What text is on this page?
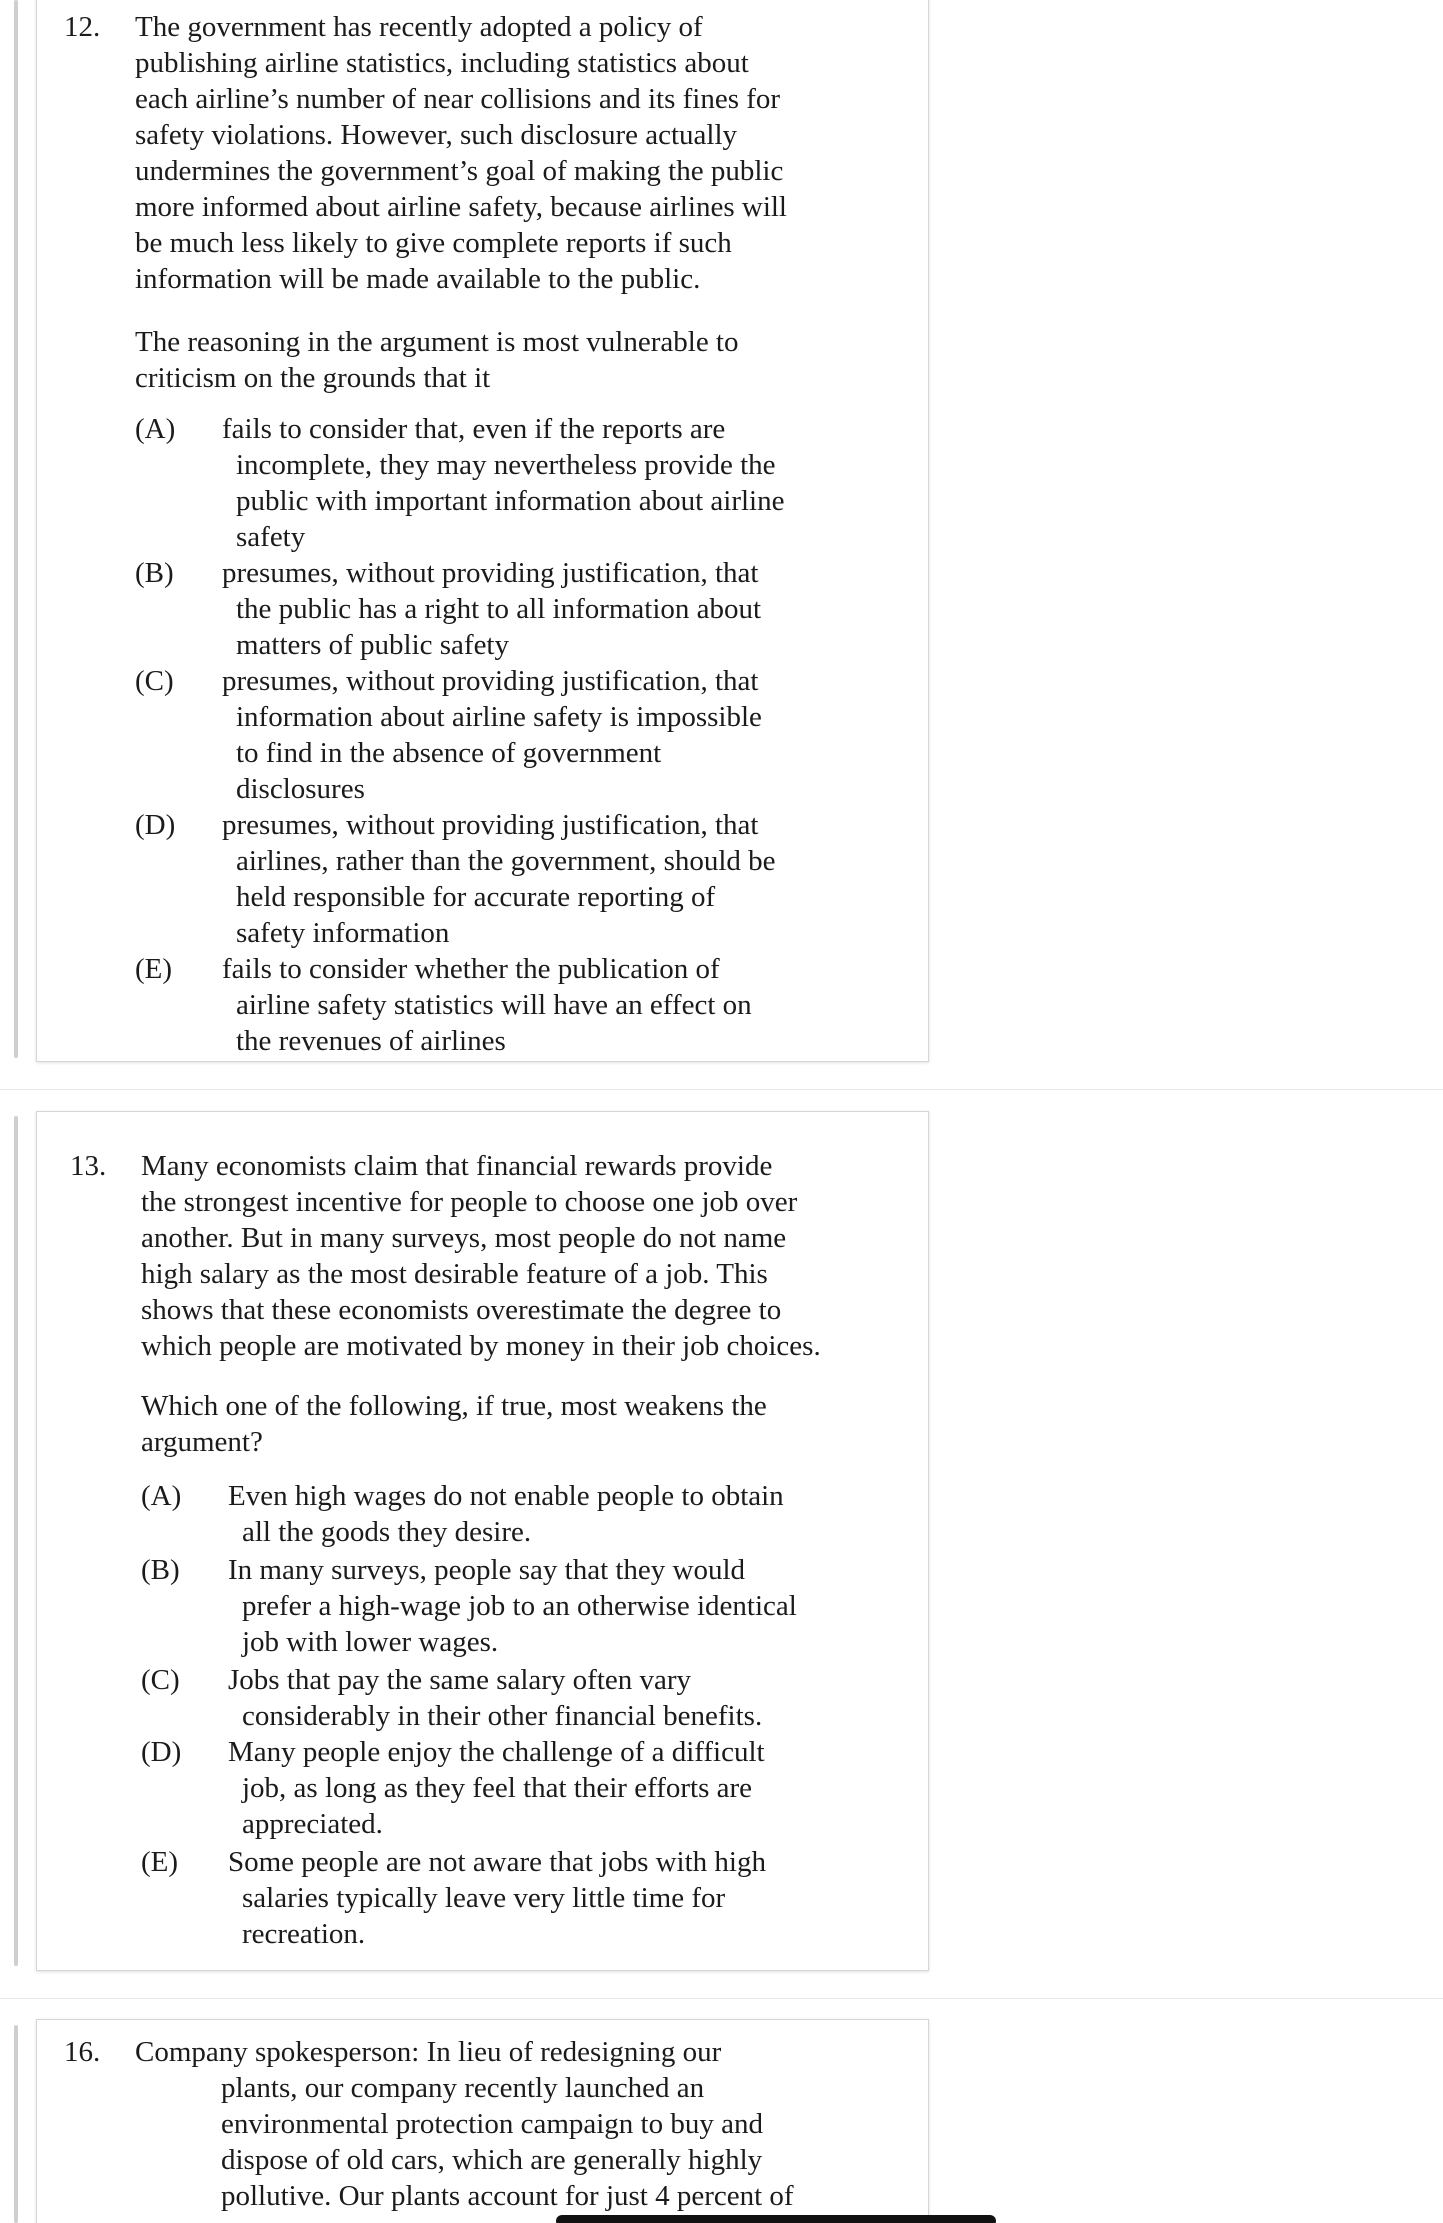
12. The government has recently adopted a policy of
publishing airline statistics, including statistics about
each airline’s number of near collisions and its fines for
safety violations. However, such disclosure actually
undermines the government’s goal of making the public
more informed about airline safety, because airlines will
be much less likely to give complete reports if such
information will be made available to the public.
The reasoning in the argument is most vulnerable to
criticism on the grounds that it
(A)	fails to consider that, even if the reports are
incomplete, they may nevertheless provide the
public with important information about airline
safety
(B)	presumes, without providing justification, that
the public has a right to all information about
matters of public safety
(C)	presumes, without providing justification, that
information about airline safety is impossible
to find in the absence of government
disclosures
(D)	presumes, without providing justification, that
airlines, rather than the government, should be
held responsible for accurate reporting of
safety information
(E)	fails to consider whether the publication of
airline safety statistics will have an effect on
the revenues of airlines
13. Many economists claim that financial rewards provide
the strongest incentive for people to choose one job over
another. But in many surveys, most people do not name
high salary as the most desirable feature of a job. This
shows that these economists overestimate the degree to
which people are motivated by money in their job choices.
Which one of the following, if true, most weakens the
argument?
(A)	Even high wages do not enable people to obtain
all the goods they desire.
(B)	In many surveys, people say that they would
prefer a high-wage job to an otherwise identical
job with lower wages.
(C)	Jobs that pay the same salary often vary
considerably in their other financial benefits.
(D)	Many people enjoy the challenge of a difficult
job, as long as they feel that their efforts are
appreciated.
(E)	Some people are not aware that jobs with high
salaries typically leave very little time for
recreation.
16. Company spokesperson: In lieu of redesigning our
plants, our company recently launched an
environmental protection campaign to buy and
dispose of old cars, which are generally highly
pollutive. Our plants account for just 4 percent of
